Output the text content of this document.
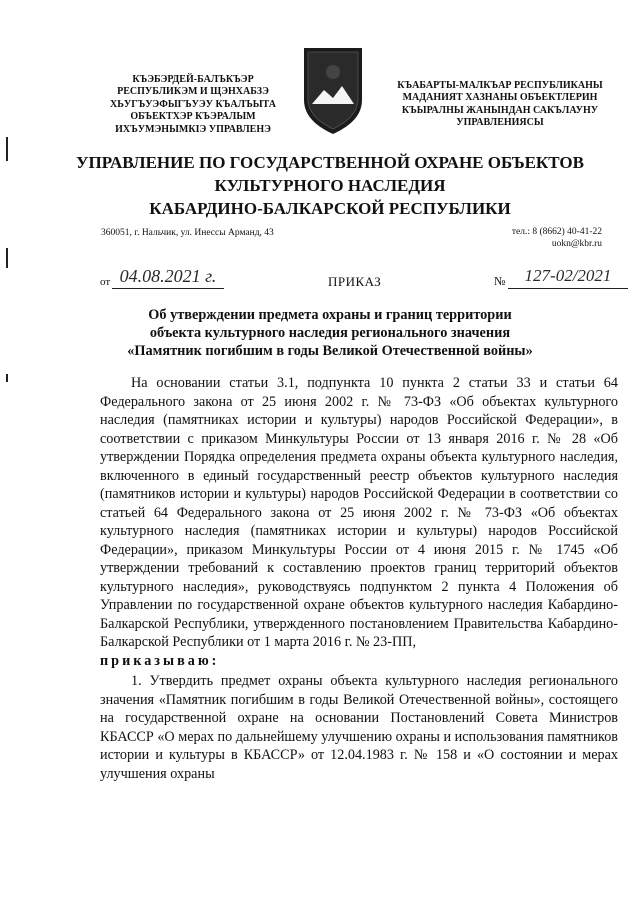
КЪЭБЭРДЕЙ-БАЛЪКЪЭР
РЕСПУБЛИКЭМ И ЩЭНХАБЗЭ
ХЬУГЪУЭФЫГЪУЭУ КЪАЛЪЫТА
ОБЪЕКТХЭР КЪЭРАЛЫМ
ИХЪУМЭНЫМКIЭ УПРАВЛЕНЭ
КЪАБАРТЫ-МАЛКЪАР РЕСПУБЛИКАНЫ
МАДАНИЯТ ХАЗНАНЫ ОБЪЕКТЛЕРИН
КЪЫРАЛНЫ ЖАНЫНДАН САКЪЛАУНУ
УПРАВЛЕНИЯСЫ
УПРАВЛЕНИЕ ПО ГОСУДАРСТВЕННОЙ ОХРАНЕ ОБЪЕКТОВ
КУЛЬТУРНОГО НАСЛЕДИЯ
КАБАРДИНО-БАЛКАРСКОЙ РЕСПУБЛИКИ
360051, г. Нальчик, ул. Инессы Арманд, 43	тел.: 8 (8662) 40-41-22
uokn@kbr.ru
от 04.08.2021 г.	ПРИКАЗ	№	127-02/2021
Об утверждении предмета охраны и границ территории
объекта культурного наследия регионального значения
«Памятник погибшим в годы Великой Отечественной войны»

На основании статьи 3.1, подпункта 10 пункта 2 статьи 33 и статьи 64 Федерального закона от 25 июня 2002 г. № 73-ФЗ «Об объектах культурного наследия (памятниках истории и культуры) народов Российской Федерации», в соответствии с приказом Минкультуры России от 13 января 2016 г. № 28 «Об утверждении Порядка определения предмета охраны объекта культурного наследия, включенного в единый государственный реестр объектов культурного наследия (памятников истории и культуры) народов Российской Федерации в соответствии со статьей 64 Федерального закона от 25 июня 2002 г. № 73-ФЗ «Об объектах культурного наследия (памятниках истории и культуры) народов Российской Федерации», приказом Минкультуры России от 4 июня 2015 г. № 1745 «Об утверждении требований к составлению проектов границ территорий объектов культурного наследия», руководствуясь подпунктом 2 пункта 4 Положения об Управлении по государственной охране объектов культурного наследия Кабардино-Балкарской Республики, утвержденного постановлением Правительства Кабардино-Балкарской Республики от 1 марта 2016 г. № 23-ПП,
приказываю:

1. Утвердить предмет охраны объекта культурного наследия регионального значения «Памятник погибшим в годы Великой Отечественной войны», состоящего на государственной охране на основании Постановлений Совета Министров КБАССР «О мерах по дальнейшему улучшению охраны и использования памятников истории и культуры в КБАССР» от 12.04.1983 г. № 158 и «О состоянии и мерах улучшения охраны
